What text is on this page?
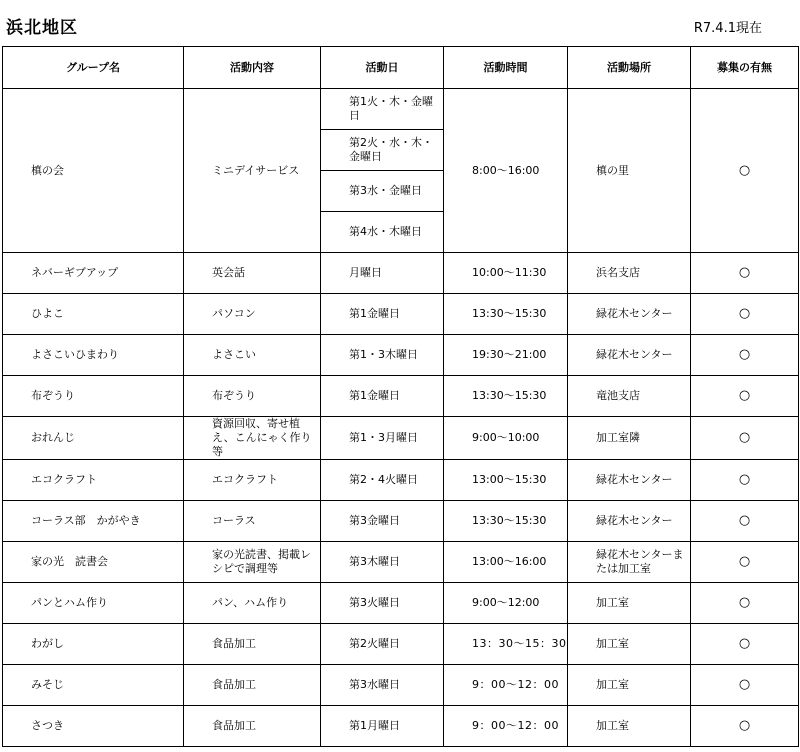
浜北地区	R7.4.1現在
グループ名	活動内容	活動日	活動時間	活動場所	募集の有無
槙の会	ミニデイサービス	第1火・木・金曜日	8:00～16:00	槙の里	○
		第2火・水・木・金曜日			
		第3水・金曜日			
		第4水・木曜日			
ネバーギブアップ	英会話	月曜日	10:00～11:30	浜名支店	○
ひよこ	パソコン	第1金曜日	13:30～15:30	緑花木センター	○
よさこいひまわり	よさこい	第1・3木曜日	19:30～21:00	緑花木センター	○
布ぞうり	布ぞうり	第1金曜日	13:30～15:30	竜池支店	○
おれんじ	資源回収、寄せ植え、こんにゃく作り等	第1・3月曜日	9:00～10:00	加工室隣	○
エコクラフト	エコクラフト	第2・4火曜日	13:00～15:30	緑花木センター	○
コーラス部　かがやき	コーラス	第3金曜日	13:30～15:30	緑花木センター	○
家の光　読書会	家の光読書、掲載レシピで調理等	第3木曜日	13:00～16:00	緑花木センターまたは加工室	○
パンとハム作り	パン、ハム作り	第3火曜日	9:00～12:00	加工室	○
わがし	食品加工	第2火曜日	13：30～15：30	加工室	○
みそじ	食品加工	第3水曜日	9：00～12：00	加工室	○
さつき	食品加工	第1月曜日	9：00～12：00	加工室	○
